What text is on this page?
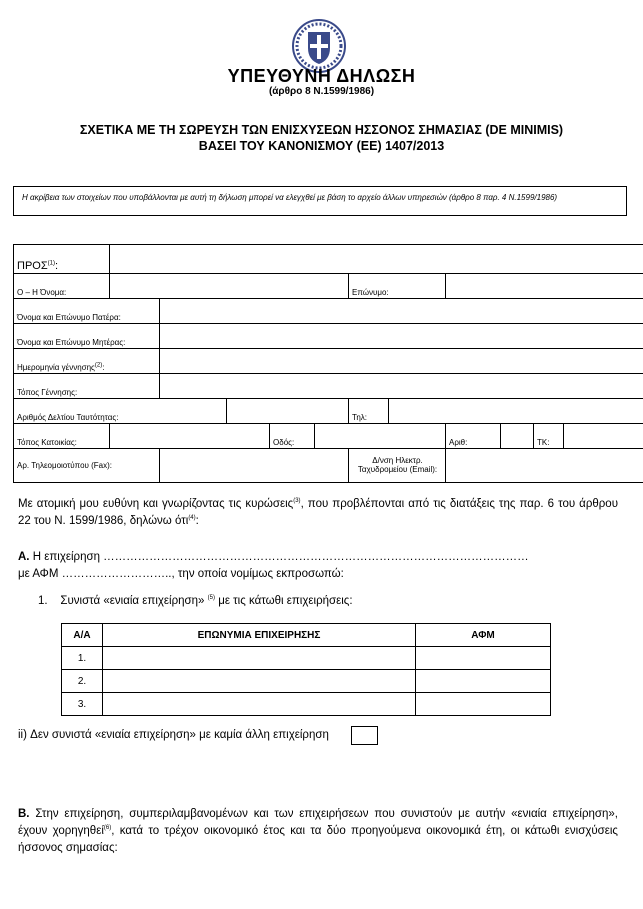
ΥΠΕΥΘΥΝΗ ΔΗΛΩΣΗ
(άρθρο 8 Ν.1599/1986)
ΣΧΕΤΙΚΑ ΜΕ ΤΗ ΣΩΡΕΥΣΗ ΤΩΝ ΕΝΙΣΧΥΣΕΩΝ ΗΣΣΟΝΟΣ ΣΗΜΑΣΙΑΣ (DE MINIMIS)
ΒΑΣΕΙ ΤΟΥ ΚΑΝΟΝΙΣΜΟΥ (ΕΕ) 1407/2013
Η ακρίβεια των στοιχείων που υποβάλλονται με αυτή τη δήλωση μπορεί να ελεγχθεί με βάση το αρχείο άλλων υπηρεσιών (άρθρο 8 παρ. 4 Ν.1599/1986)
ΠΡΟΣ$^{(1)}$:											
Ο – Η Όνομα:						Επώνυμο:					
Όνομα και Επώνυμο Πατέρα:											
Όνομα και Επώνυμο Μητέρας:											
Ημερομηνία γέννησης$^{(2)}$:											
Τόπος Γέννησης:											
Αριθμός Δελτίου Ταυτότητας:						Τηλ:					
Τόπος Κατοικίας:				Οδός:				Αριθ:		ΤΚ:	
Αρ. Τηλεομοιοτύπου (Fax):						Δ/νση Ηλεκτρ. Ταχυδρομείου (Email):					
Με ατομική μου ευθύνη και γνωρίζοντας τις κυρώσεις$^{(3)}$, που προβλέπονται από τις διατάξεις της παρ. 6 του άρθρου 22 του Ν. 1599/1986, δηλώνω ότι$^{(4)}$:
A. Η επιχείρηση …………………………………………………………………………………………………
με ΑΦΜ ……………………….., την οποία νομίμως εκπροσωπώ:
1. Συνιστά «ενιαία επιχείρηση» $^{(5)}$ με τις κάτωθι επιχειρήσεις:
Α/Α	ΕΠΩΝΥΜΙΑ ΕΠΙΧΕΙΡΗΣΗΣ	ΑΦΜ
1.		
2.		
3.		
ii) Δεν συνιστά «ενιαία επιχείρηση» με καμία άλλη επιχείρηση
B. Στην επιχείρηση, συμπεριλαμβανομένων και των επιχειρήσεων που συνιστούν με αυτήν «ενιαία επιχείρηση», έχουν χορηγηθεί$^{(6)}$, κατά το τρέχον οικονομικό έτος και τα δύο προηγούμενα οικονομικά έτη, οι κάτωθι ενισχύσεις ήσσονος σημασίας:
